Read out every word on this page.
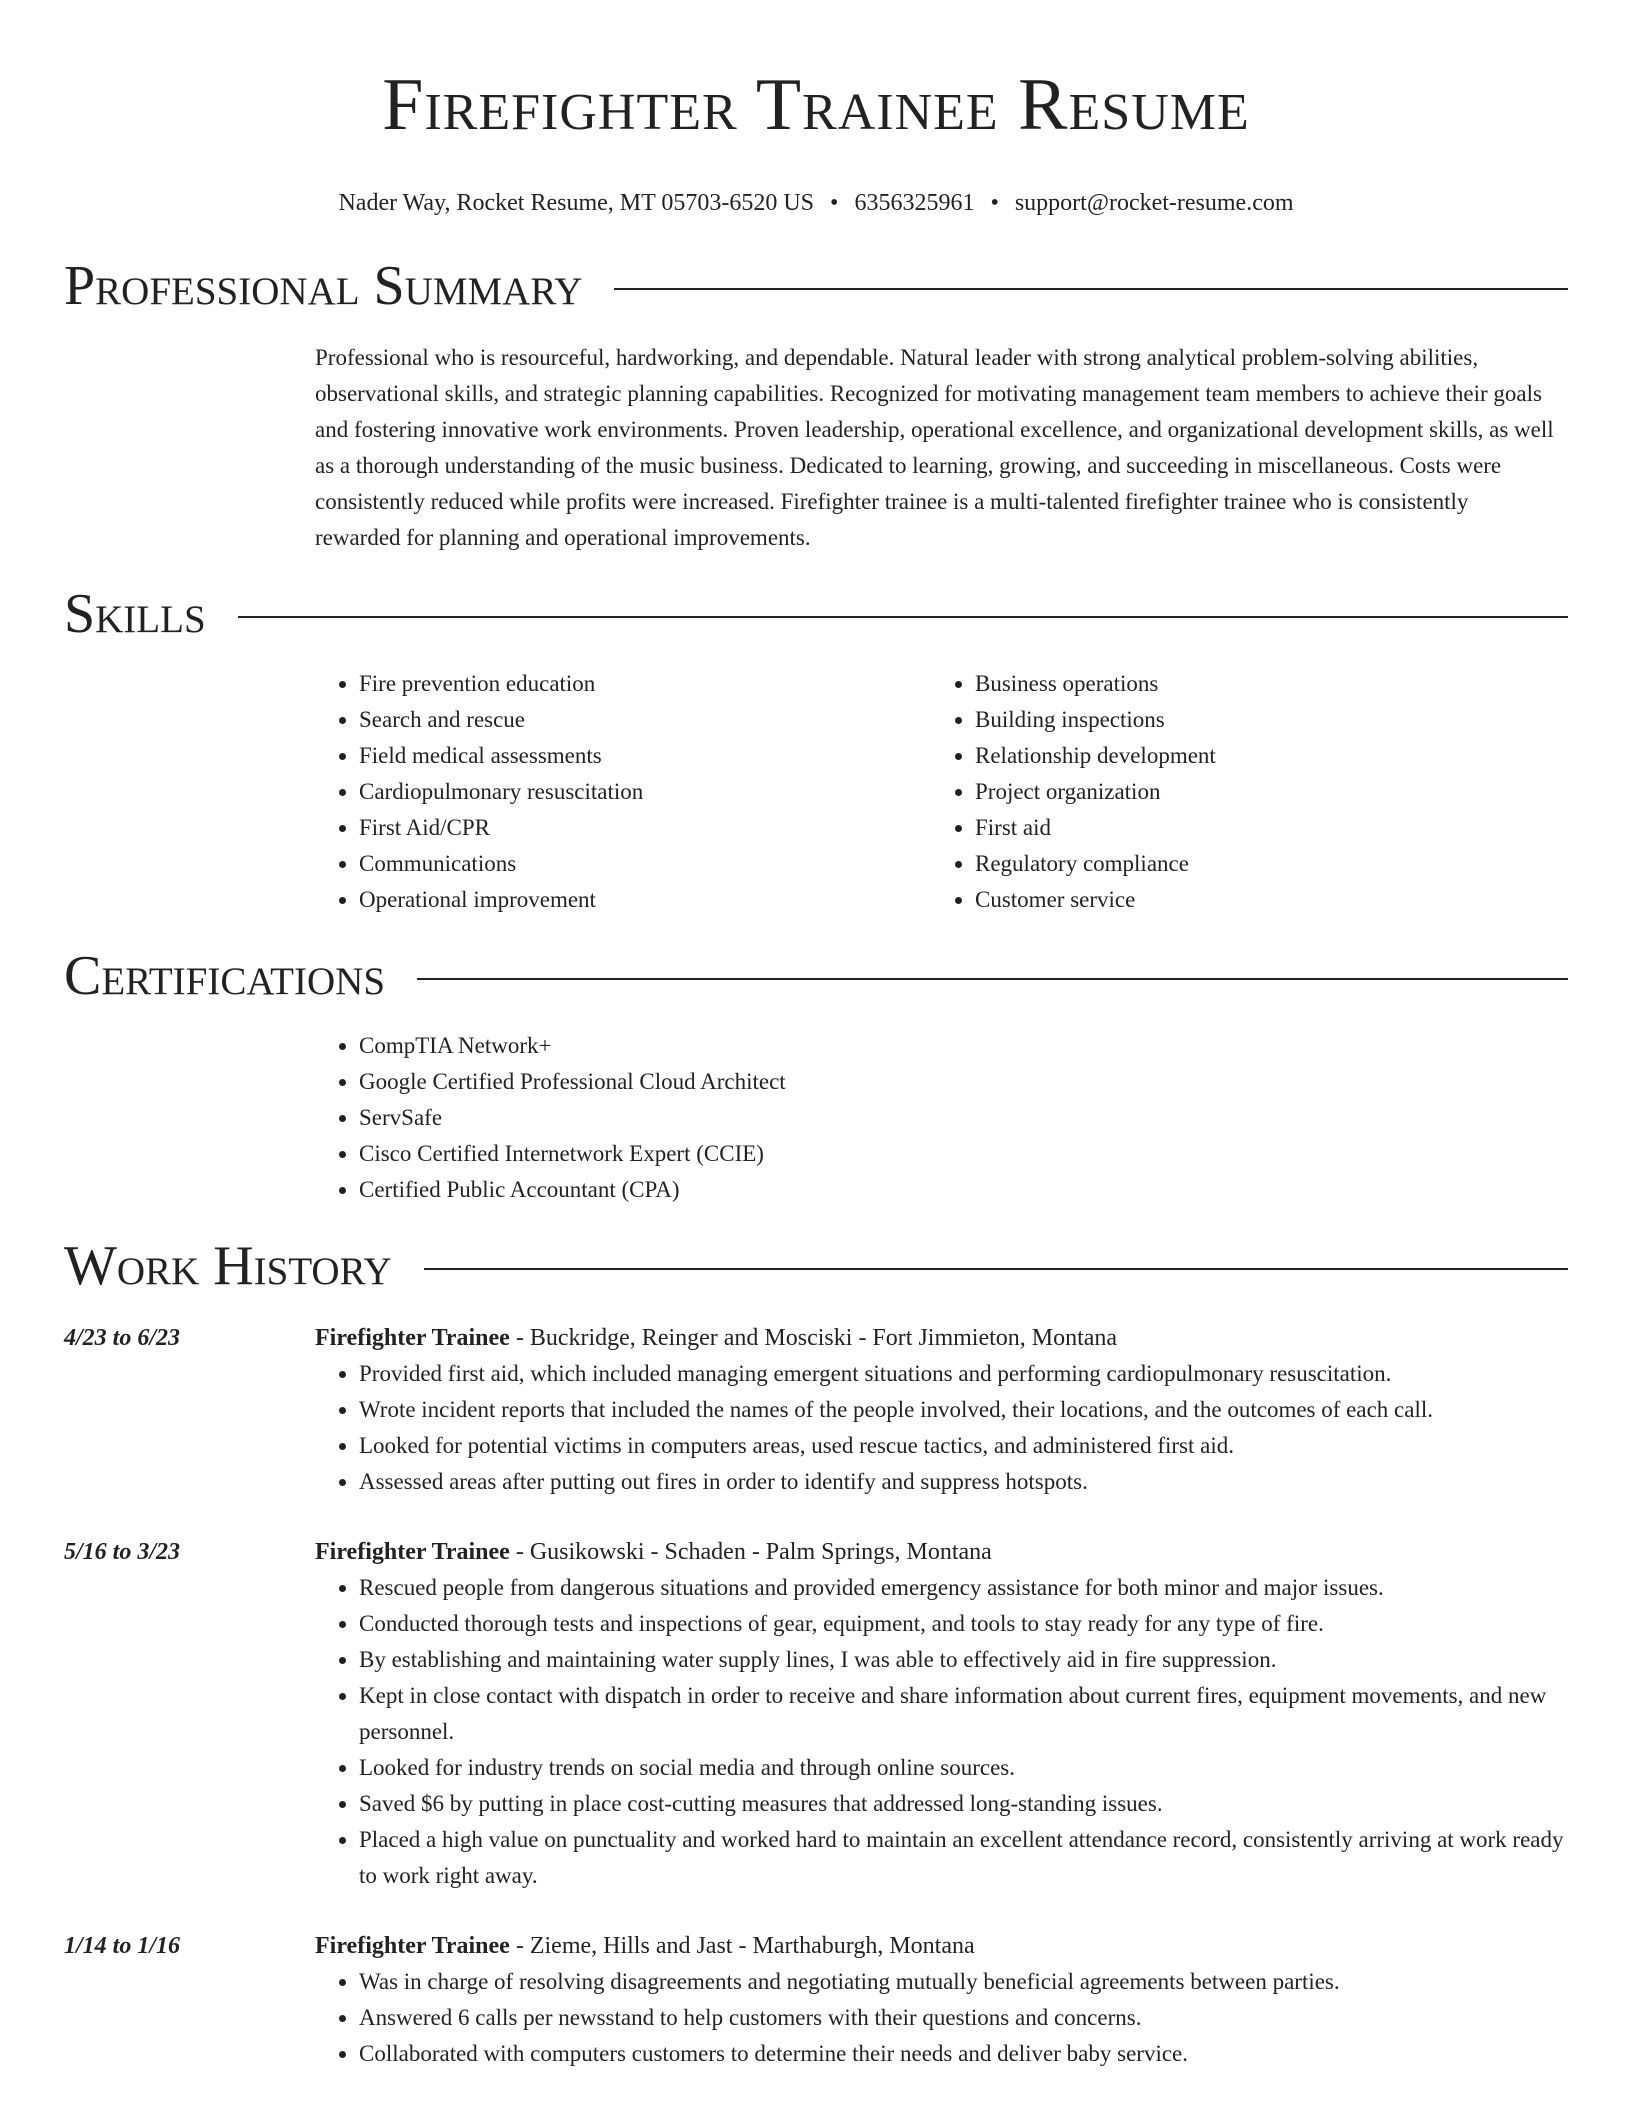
Firefighter Trainee Resume
Nader Way, Rocket Resume, MT 05703-6520 US • 6356325961 • support@rocket-resume.com
Professional Summary
Professional who is resourceful, hardworking, and dependable. Natural leader with strong analytical problem-solving abilities, observational skills, and strategic planning capabilities. Recognized for motivating management team members to achieve their goals and fostering innovative work environments. Proven leadership, operational excellence, and organizational development skills, as well as a thorough understanding of the music business. Dedicated to learning, growing, and succeeding in miscellaneous. Costs were consistently reduced while profits were increased. Firefighter trainee is a multi-talented firefighter trainee who is consistently rewarded for planning and operational improvements.
Skills
• Fire prevention education
• Search and rescue
• Field medical assessments
• Cardiopulmonary resuscitation
• First Aid/CPR
• Communications
• Operational improvement
• Business operations
• Building inspections
• Relationship development
• Project organization
• First aid
• Regulatory compliance
• Customer service
Certifications
• CompTIA Network+
• Google Certified Professional Cloud Architect
• ServSafe
• Cisco Certified Internetwork Expert (CCIE)
• Certified Public Accountant (CPA)
Work History
4/23 to 6/23	Firefighter Trainee - Buckridge, Reinger and Mosciski - Fort Jimmieton, Montana
• Provided first aid, which included managing emergent situations and performing cardiopulmonary resuscitation.
• Wrote incident reports that included the names of the people involved, their locations, and the outcomes of each call.
• Looked for potential victims in computers areas, used rescue tactics, and administered first aid.
• Assessed areas after putting out fires in order to identify and suppress hotspots.
5/16 to 3/23	Firefighter Trainee - Gusikowski - Schaden - Palm Springs, Montana
• Rescued people from dangerous situations and provided emergency assistance for both minor and major issues.
• Conducted thorough tests and inspections of gear, equipment, and tools to stay ready for any type of fire.
• By establishing and maintaining water supply lines, I was able to effectively aid in fire suppression.
• Kept in close contact with dispatch in order to receive and share information about current fires, equipment movements, and new personnel.
• Looked for industry trends on social media and through online sources.
• Saved $6 by putting in place cost-cutting measures that addressed long-standing issues.
• Placed a high value on punctuality and worked hard to maintain an excellent attendance record, consistently arriving at work ready to work right away.
1/14 to 1/16	Firefighter Trainee - Zieme, Hills and Jast - Marthaburgh, Montana
• Was in charge of resolving disagreements and negotiating mutually beneficial agreements between parties.
• Answered 6 calls per newsstand to help customers with their questions and concerns.
• Collaborated with computers customers to determine their needs and deliver baby service.
